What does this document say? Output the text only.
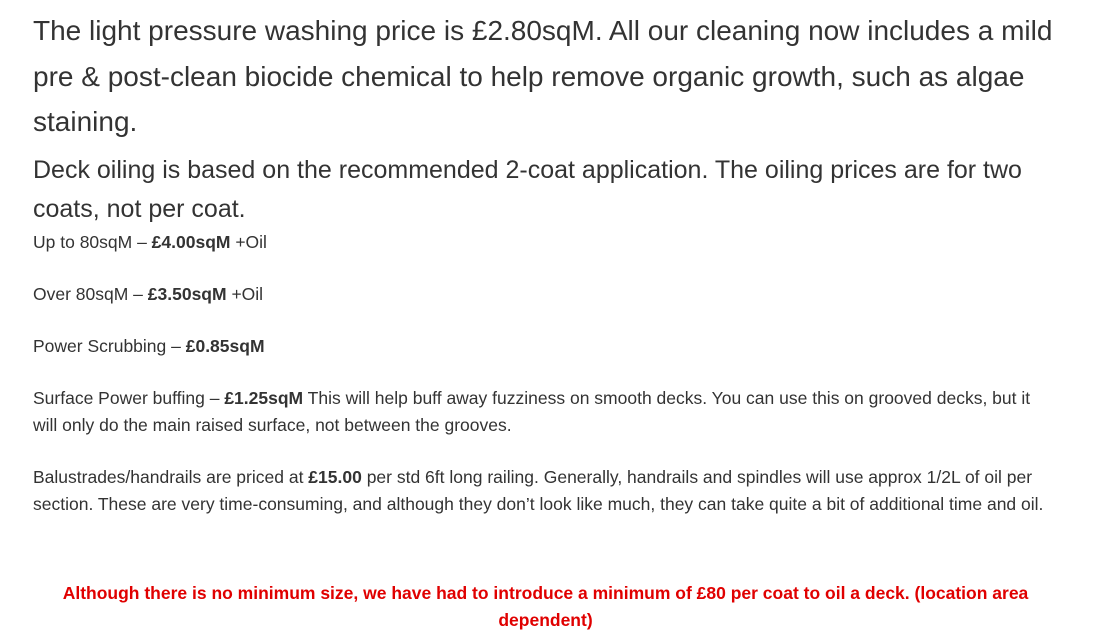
The light pressure washing price is £2.80sqM. All our cleaning now includes a mild pre & post-clean biocide chemical to help remove organic growth, such as algae staining.

Deck oiling is based on the recommended 2-coat application. The oiling prices are for two coats, not per coat.

Up to 80sqM – £4.00sqM +Oil

Over 80sqM – £3.50sqM +Oil

Power Scrubbing – £0.85sqM

Surface Power buffing – £1.25sqM This will help buff away fuzziness on smooth decks. You can use this on grooved decks, but it will only do the main raised surface, not between the grooves.

Balustrades/handrails are priced at £15.00 per std 6ft long railing. Generally, handrails and spindles will use approx 1/2L of oil per section. These are very time-consuming, and although they don’t look like much, they can take quite a bit of additional time and oil.

Although there is no minimum size, we have had to introduce a minimum of £80 per coat to oil a deck. (location area dependent)
